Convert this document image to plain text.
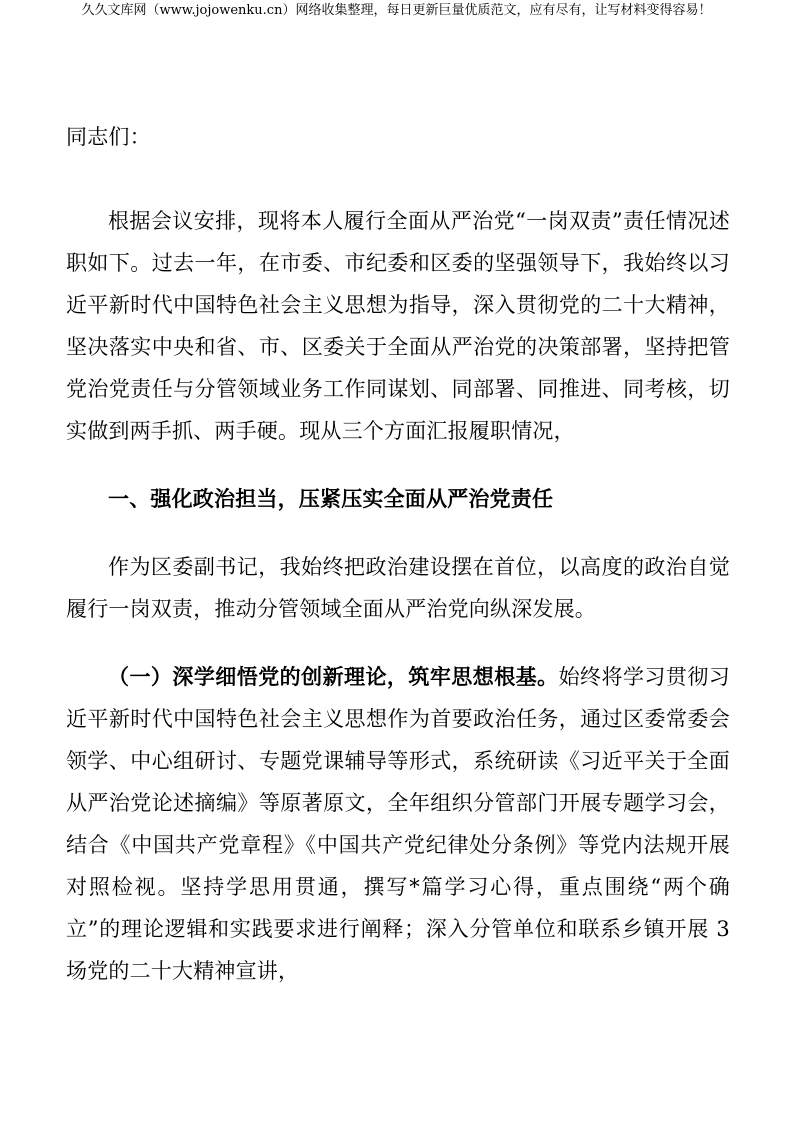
久久文库网（www.jojowenku.cn）网络收集整理，每日更新巨量优质范文，应有尽有，让写材料变得容易！

同志们：

根据会议安排，现将本人履行全面从严治党“一岗双责”责任情况述职如下。过去一年，在市委、市纪委和区委的坚强领导下，我始终以习近平新时代中国特色社会主义思想为指导，深入贯彻党的二十大精神，坚决落实中央和省、市、区委关于全面从严治党的决策部署，坚持把管党治党责任与分管领域业务工作同谋划、同部署、同推进、同考核，切实做到两手抓、两手硬。现从三个方面汇报履职情况，

一、强化政治担当，压紧压实全面从严治党责任

作为区委副书记，我始终把政治建设摆在首位，以高度的政治自觉履行一岗双责，推动分管领域全面从严治党向纵深发展。

（一）深学细悟党的创新理论，筑牢思想根基。始终将学习贯彻习近平新时代中国特色社会主义思想作为首要政治任务，通过区委常委会领学、中心组研讨、专题党课辅导等形式，系统研读《习近平关于全面从严治党论述摘编》等原著原文，全年组织分管部门开展专题学习会，结合《中国共产党章程》《中国共产党纪律处分条例》等党内法规开展对照检视。坚持学思用贯通，撰写*篇学习心得，重点围绕“两个确立”的理论逻辑和实践要求进行阐释；深入分管单位和联系乡镇开展 3 场党的二十大精神宣讲，
